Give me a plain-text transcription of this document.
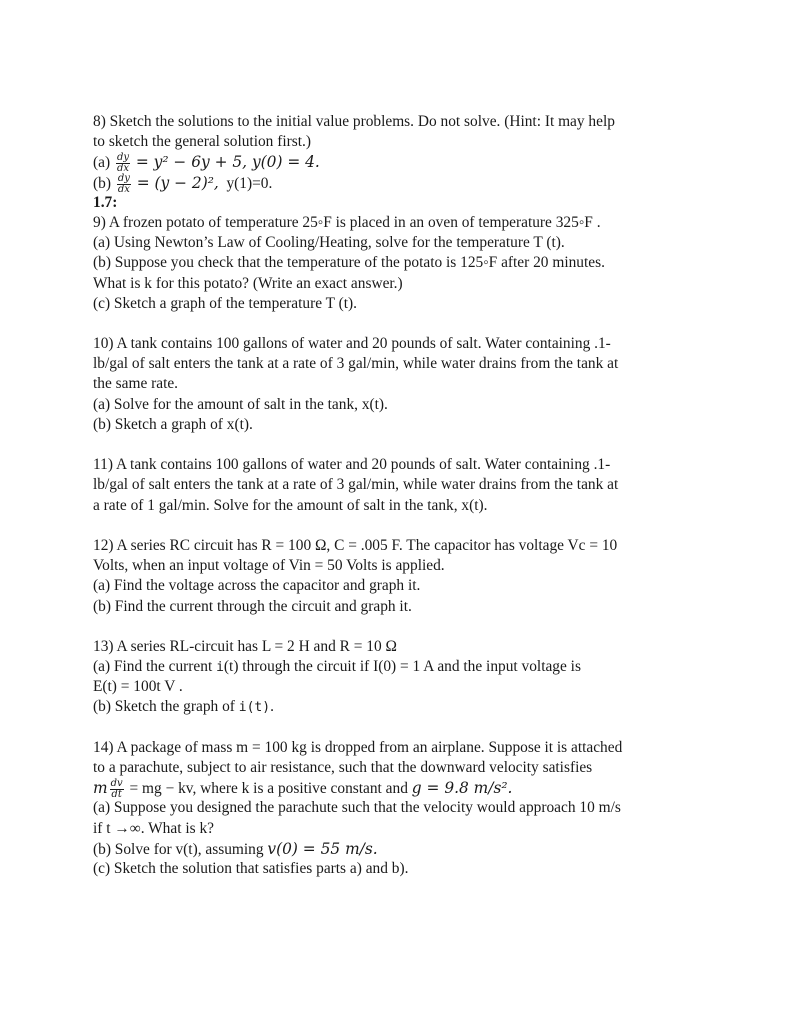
8) Sketch the solutions to the initial value problems. Do not solve. (Hint: It may help
to sketch the general solution first.)
$(a) \frac{dy}{dx} = y^2 - 6y + 5$, y(0) = 4.
$(b) \frac{dy}{dx} = (y - 2)^2$, y(1)=0.
1.7:
9) A frozen potato of temperature 25◦F is placed in an oven of temperature 325◦F .
(a) Using Newton’s Law of Cooling/Heating, solve for the temperature T (t).
(b) Suppose you check that the temperature of the potato is 125◦F after 20 minutes.
What is k for this potato? (Write an exact answer.)
(c) Sketch a graph of the temperature T (t).
10) A tank contains 100 gallons of water and 20 pounds of salt. Water containing .1-
lb/gal of salt enters the tank at a rate of 3 gal/min, while water drains from the tank at
the same rate.
(a) Solve for the amount of salt in the tank, x(t).
(b) Sketch a graph of x(t).
11) A tank contains 100 gallons of water and 20 pounds of salt. Water containing .1-
lb/gal of salt enters the tank at a rate of 3 gal/min, while water drains from the tank at
a rate of 1 gal/min. Solve for the amount of salt in the tank, x(t).
12) A series RC circuit has R = 100 Ω, C = .005 F. The capacitor has voltage Vc = 10
Volts, when an input voltage of Vin = 50 Volts is applied.
(a) Find the voltage across the capacitor and graph it.
(b) Find the current through the circuit and graph it.
13) A series RL-circuit has L = 2 H and R = 10 Ω
(a) Find the current i(t) through the circuit if I(0) = 1 A and the input voltage is
E(t) = 100t V .
(b) Sketch the graph of i(t).
14) A package of mass m = 100 kg is dropped from an airplane. Suppose it is attached
to a parachute, subject to air resistance, such that the downward velocity satisfies
m $\frac{dv}{dt}$ = mg − kv, where k is a positive constant and g = 9.8 m/s².
(a) Suppose you designed the parachute such that the velocity would approach 10 m/s
if t →∞. What is k?
(b) Solve for v(t), assuming v(0) = 55 m/s.
(c) Sketch the solution that satisfies parts a) and b).
